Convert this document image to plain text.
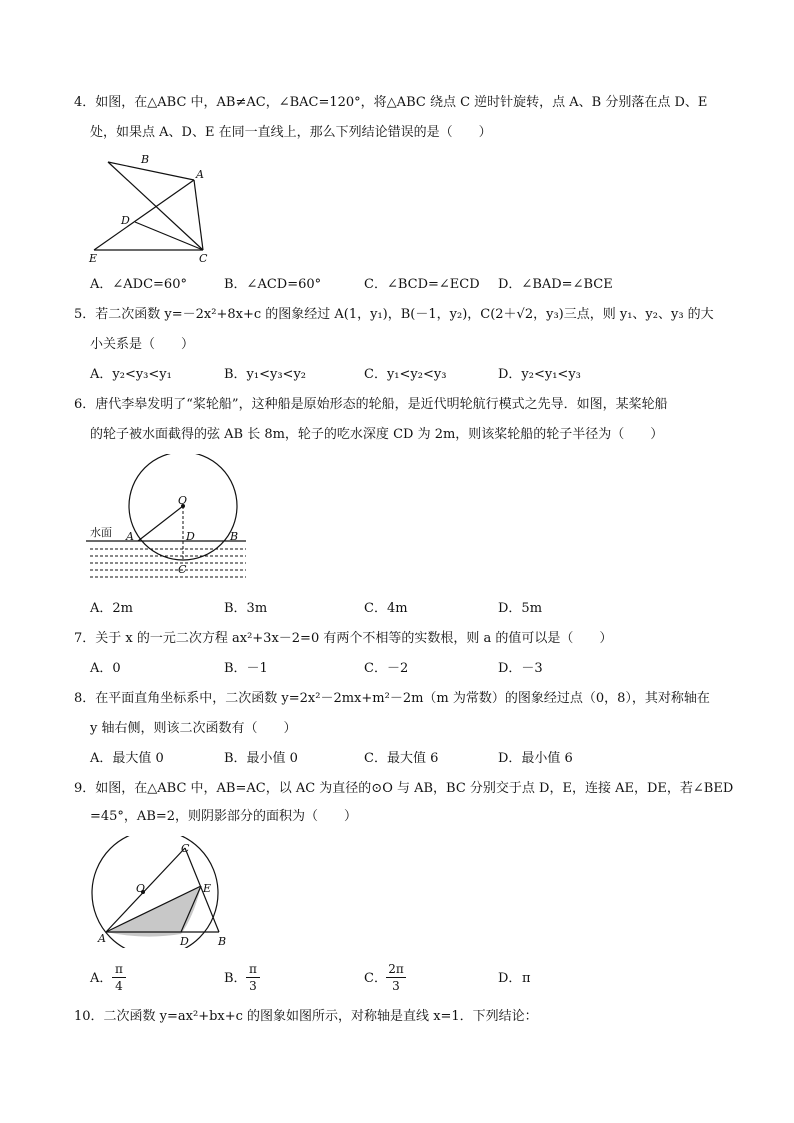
4．如图，在△ABC 中，AB≠AC，∠BAC=120°，将△ABC 绕点 C 逆时针旋转，点 A、B 分别落在点 D、E
处，如果点 A、D、E 在同一直线上，那么下列结论错误的是（　　）
B
A
D
E	C
A．∠ADC=60°	B．∠ACD=60°	C．∠BCD=∠ECD D．∠BAD=∠BCE
5．若二次函数 y=－2x²+8x+c 的图象经过 A(1，y₁)，B(－1，y₂)，C(2＋√2，y₃)三点，则 y₁、y₂、y₃ 的大
小关系是（　　）
A．y₂<y₃<y₁	B．y₁<y₃<y₂	C．y₁<y₂<y₃	D．y₂<y₁<y₃
6．唐代李皋发明了“桨轮船”，这种船是原始形态的轮船，是近代明轮航行模式之先导．如图，某桨轮船
的轮子被水面截得的弦 AB 长 8m，轮子的吃水深度 CD 为 2m，则该桨轮船的轮子半径为（　　）
水面
O
A	D	B
C
A．2m	B．3m	C．4m	D．5m
7．关于 x 的一元二次方程 ax²+3x－2=0 有两个不相等的实数根，则 a 的值可以是（　　）
A．0	B．－1	C．－2	D．－3
8．在平面直角坐标系中，二次函数 y=2x²－2mx+m²－2m（m 为常数）的图象经过点（0，8），其对称轴在
y 轴右侧，则该二次函数有（　　）
A．最大值 0	B．最小值 0	C．最大值 6	D．最小值 6
9．如图，在△ABC 中，AB=AC，以 AC 为直径的⊙O 与 AB，BC 分别交于点 D，E，连接 AE，DE，若∠BED
=45°，AB=2，则阴影部分的面积为（　　）
C
O	E
A	D	B
A．
π
4	B．
π
3	C．
2π
3	D． π
10．二次函数 y=ax²+bx+c 的图象如图所示，对称轴是直线 x=1．下列结论：
